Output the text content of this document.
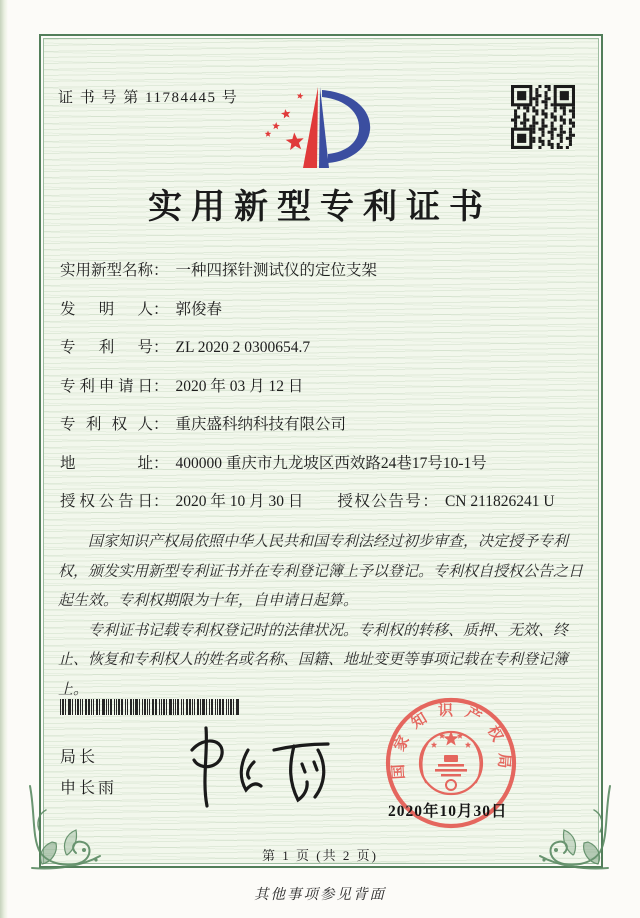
证 书 号 第 11784445 号
实用新型专利证书
实用新型名称： 一种四探针测试仪的定位支架
发明人： 郭俊春
专利号： ZL 2020 2 0300654.7
专利申请日： 2020 年 03 月 12 日
专利权人： 重庆盛科纳科技有限公司
地址： 400000 重庆市九龙坡区西效路24巷17号10-1号
授权公告日： 2020 年 10 月 30 日 授权公告号： CN 211826241 U

国家知识产权局依照中华人民共和国专利法经过初步审查，决定授予专利权，颁发实用新型专利证书并在专利登记簿上予以登记。专利权自授权公告之日起生效。专利权期限为十年，自申请日起算。

专利证书记载专利权登记时的法律状况。专利权的转移、质押、无效、终止、恢复和专利权人的姓名或名称、国籍、地址变更等事项记载在专利登记簿上。

局长
申长雨
国家知识产权局
2020年10月30日
第 1 页 (共 2 页)
其他事项参见背面
